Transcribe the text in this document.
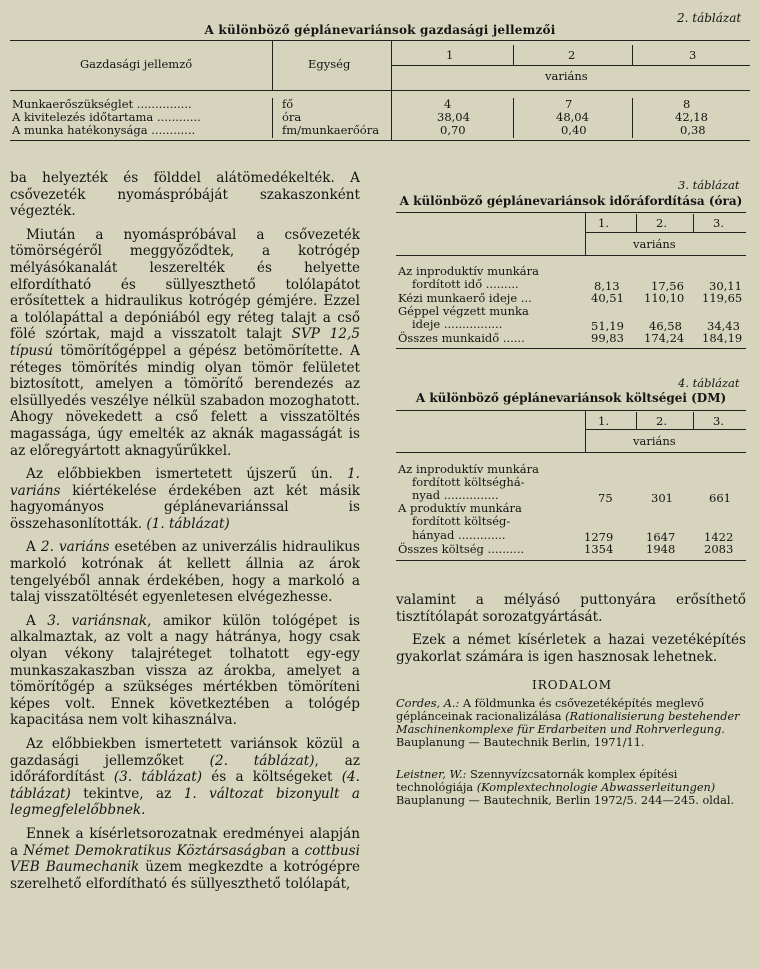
2. táblázat
A különböző géplánevariánsok gazdasági jellemzői
Gazdasági jellemző	Egység
1	2	3
variáns
Munkaerőszükséglet ...............	fő	4	7	8
A kivitelezés időtartama ............	óra	38,04	48,04	42,18
A munka hatékonysága ............	fm/munkaerőóra	0,70	0,40	0,38

ba helyezték és földdel alátömedékelték. A csővezeték nyomáspróbáját szakaszonként végezték.

Miután a nyomáspróbával a csővezeték tömörségéről meggyőződtek, a kotrógép mélyásókanalát leszerelték és helyette elfordítható és süllyeszthető tolólapátot erősítettek a hidraulikus kotrógép gémjére. Ezzel a tolólapáttal a depóniából egy réteg talajt a cső fölé szórtak, majd a visszatolt talajt SVP 12,5 típusú tömörítőgéppel a gépész betömörítette. A réteges tömörítés mindig olyan tömör felületet biztosított, amelyen a tömörítő berendezés az elsüllyedés veszélye nélkül szabadon mozoghatott. Ahogy növekedett a cső felett a visszatöltés magassága, úgy emelték az aknák magasságát is az előregyártott aknagyűrűkkel.

Az előbbiekben ismertetett újszerű ún. 1. variáns kiértékelése érdekében azt két másik hagyományos géplánevariánssal is összehasonlították. (1. táblázat)

A 2. variáns esetében az univerzális hidraulikus markoló kotrónak át kellett állnia az árok tengelyéből annak érdekében, hogy a markoló a talaj visszatöltését egyenletesen elvégezhesse.

A 3. variánsnak, amikor külön tológépet is alkalmaztak, az volt a nagy hátránya, hogy csak olyan vékony talajréteget tolhatott egy-egy munkaszakaszban vissza az árokba, amelyet a tömörítőgép a szükséges mértékben tömöríteni képes volt. Ennek következtében a tológép kapacitása nem volt kihasználva.

Az előbbiekben ismertetett variánsok közül a gazdasági jellemzőket (2. táblázat), az időráfordítást (3. táblázat) és a költségeket (4. táblázat) tekintve, az 1. változat bizonyult a legmegfelelőbbnek.

Ennek a kísérletsorozatnak eredményei alapján a Német Demokratikus Köztársaságban a cottbusi VEB Baumechanik üzem megkezdte a kotrógépre szerelhető elfordítható és süllyeszthető tolólapát,

3. táblázat
A különböző géplánevariánsok időráfordítása (óra)
1.	2.	3.
variáns
Az inproduktív munkára
fordított idő .........	8,13	17,56 30,11
Kézi munkaerő ideje ...	40,51 110,10 119,65
Géppel végzett munka
ideje ................	51,19 46,58 34,43
Összes munkaidő ......	99,83 174,24 184,19
4. táblázat
A különböző géplánevariánsok költségei (DM)
1.	2.	3.
variáns
Az inproduktív munkára
fordított költséghá-
nyad ...............	75	301	661
A produktív munkára
fordított költség-
hányad .............	1279	1647 1422
Összes költség ..........	1354	1948 2083

valamint a mélyásó puttonyára erősíthető tisztítólapát sorozatgyártását.

Ezek a német kísérletek a hazai vezetéképítés gyakorlat számára is igen hasznosak lehetnek.

IRODALOM
Cordes, A.: A földmunka és csővezetéképítés meglevő géplánceinak racionalizálása (Rationalisierung bestehender Maschinenkomplexe für Erdarbeiten und Rohrverlegung. Bauplanung — Bautechnik Berlin, 1971/11.
Leistner, W.: Szennyvízcsatornák komplex építési technológiája (Komplextechnologie Abwasserleitungen) Bauplanung — Bautechnik, Berlin 1972/5. 244—245. oldal.
